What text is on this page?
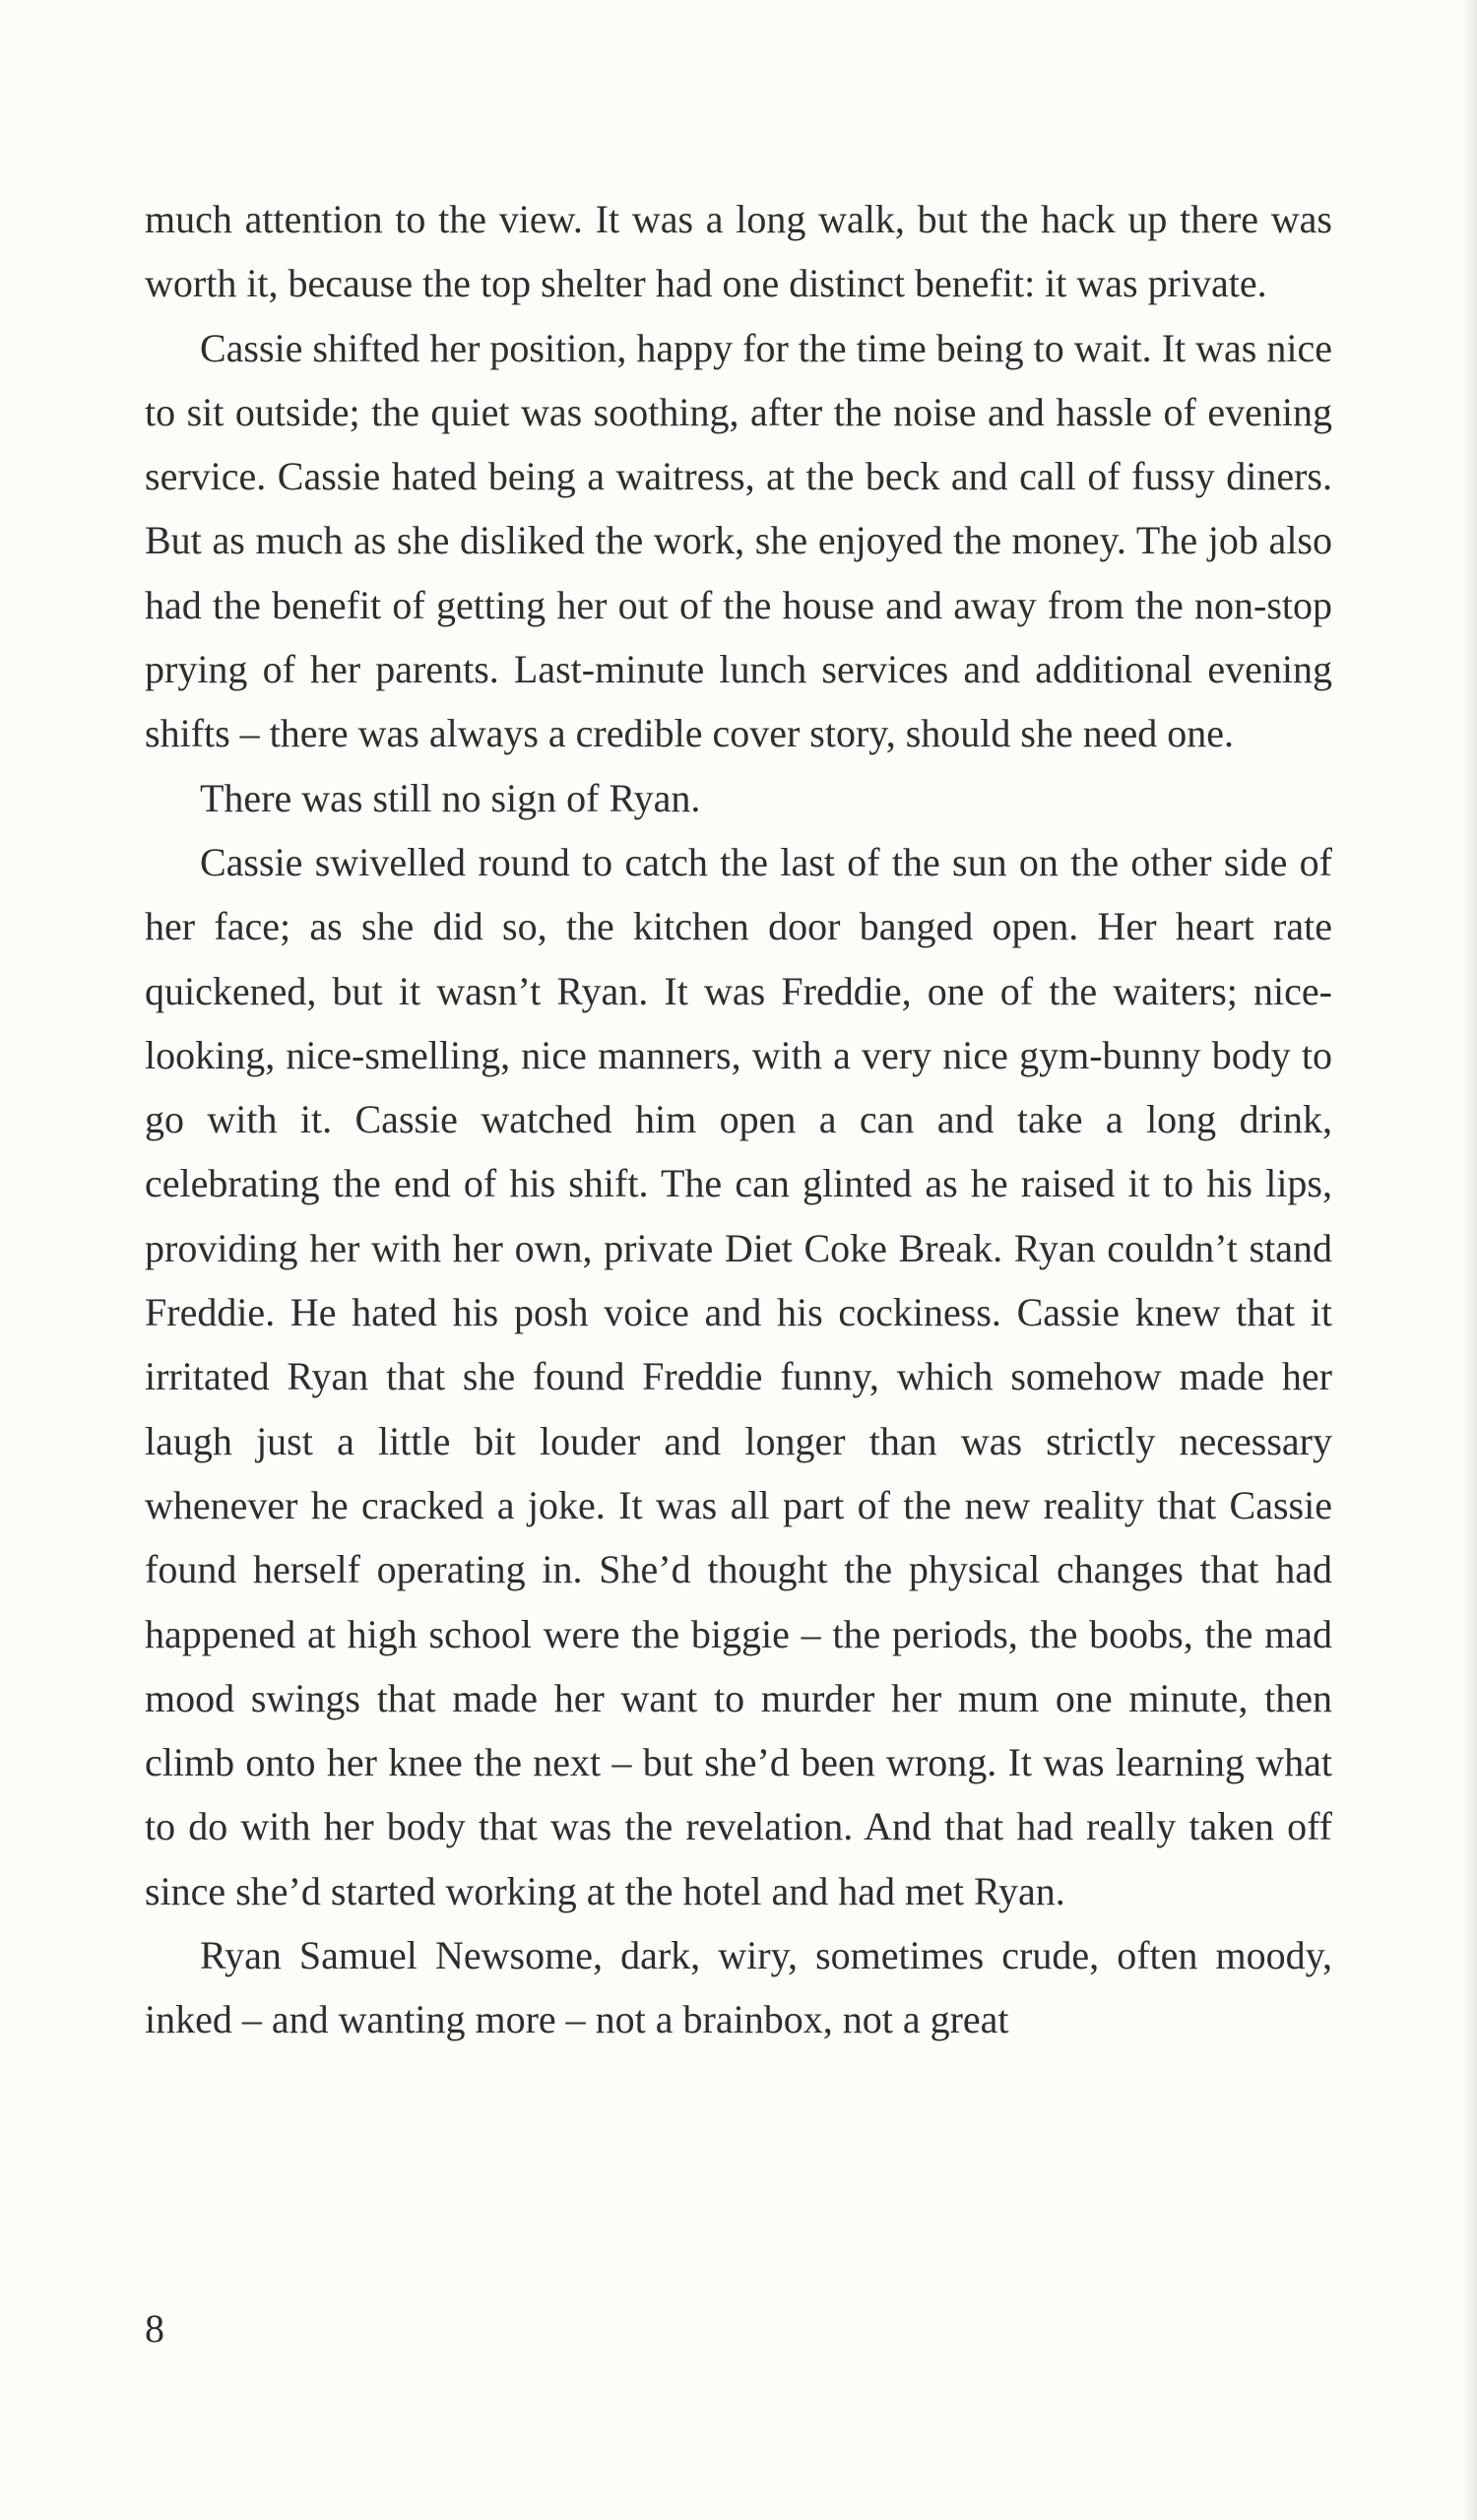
much attention to the view. It was a long walk, but the hack up there was worth it, because the top shelter had one distinct benefit: it was private.

Cassie shifted her position, happy for the time being to wait. It was nice to sit outside; the quiet was soothing, after the noise and hassle of evening service. Cassie hated being a waitress, at the beck and call of fussy diners. But as much as she disliked the work, she enjoyed the money. The job also had the benefit of getting her out of the house and away from the non-stop prying of her parents. Last-minute lunch services and additional evening shifts – there was always a credible cover story, should she need one.

There was still no sign of Ryan.

Cassie swivelled round to catch the last of the sun on the other side of her face; as she did so, the kitchen door banged open. Her heart rate quickened, but it wasn’t Ryan. It was Freddie, one of the waiters; nice-looking, nice-smelling, nice manners, with a very nice gym-bunny body to go with it. Cassie watched him open a can and take a long drink, celebrating the end of his shift. The can glinted as he raised it to his lips, providing her with her own, private Diet Coke Break. Ryan couldn’t stand Freddie. He hated his posh voice and his cockiness. Cassie knew that it irritated Ryan that she found Freddie funny, which somehow made her laugh just a little bit louder and longer than was strictly necessary whenever he cracked a joke. It was all part of the new reality that Cassie found herself operating in. She’d thought the physical changes that had happened at high school were the biggie – the periods, the boobs, the mad mood swings that made her want to murder her mum one minute, then climb onto her knee the next – but she’d been wrong. It was learning what to do with her body that was the revelation. And that had really taken off since she’d started working at the hotel and had met Ryan.

Ryan Samuel Newsome, dark, wiry, sometimes crude, often moody, inked – and wanting more – not a brainbox, not a great

8
